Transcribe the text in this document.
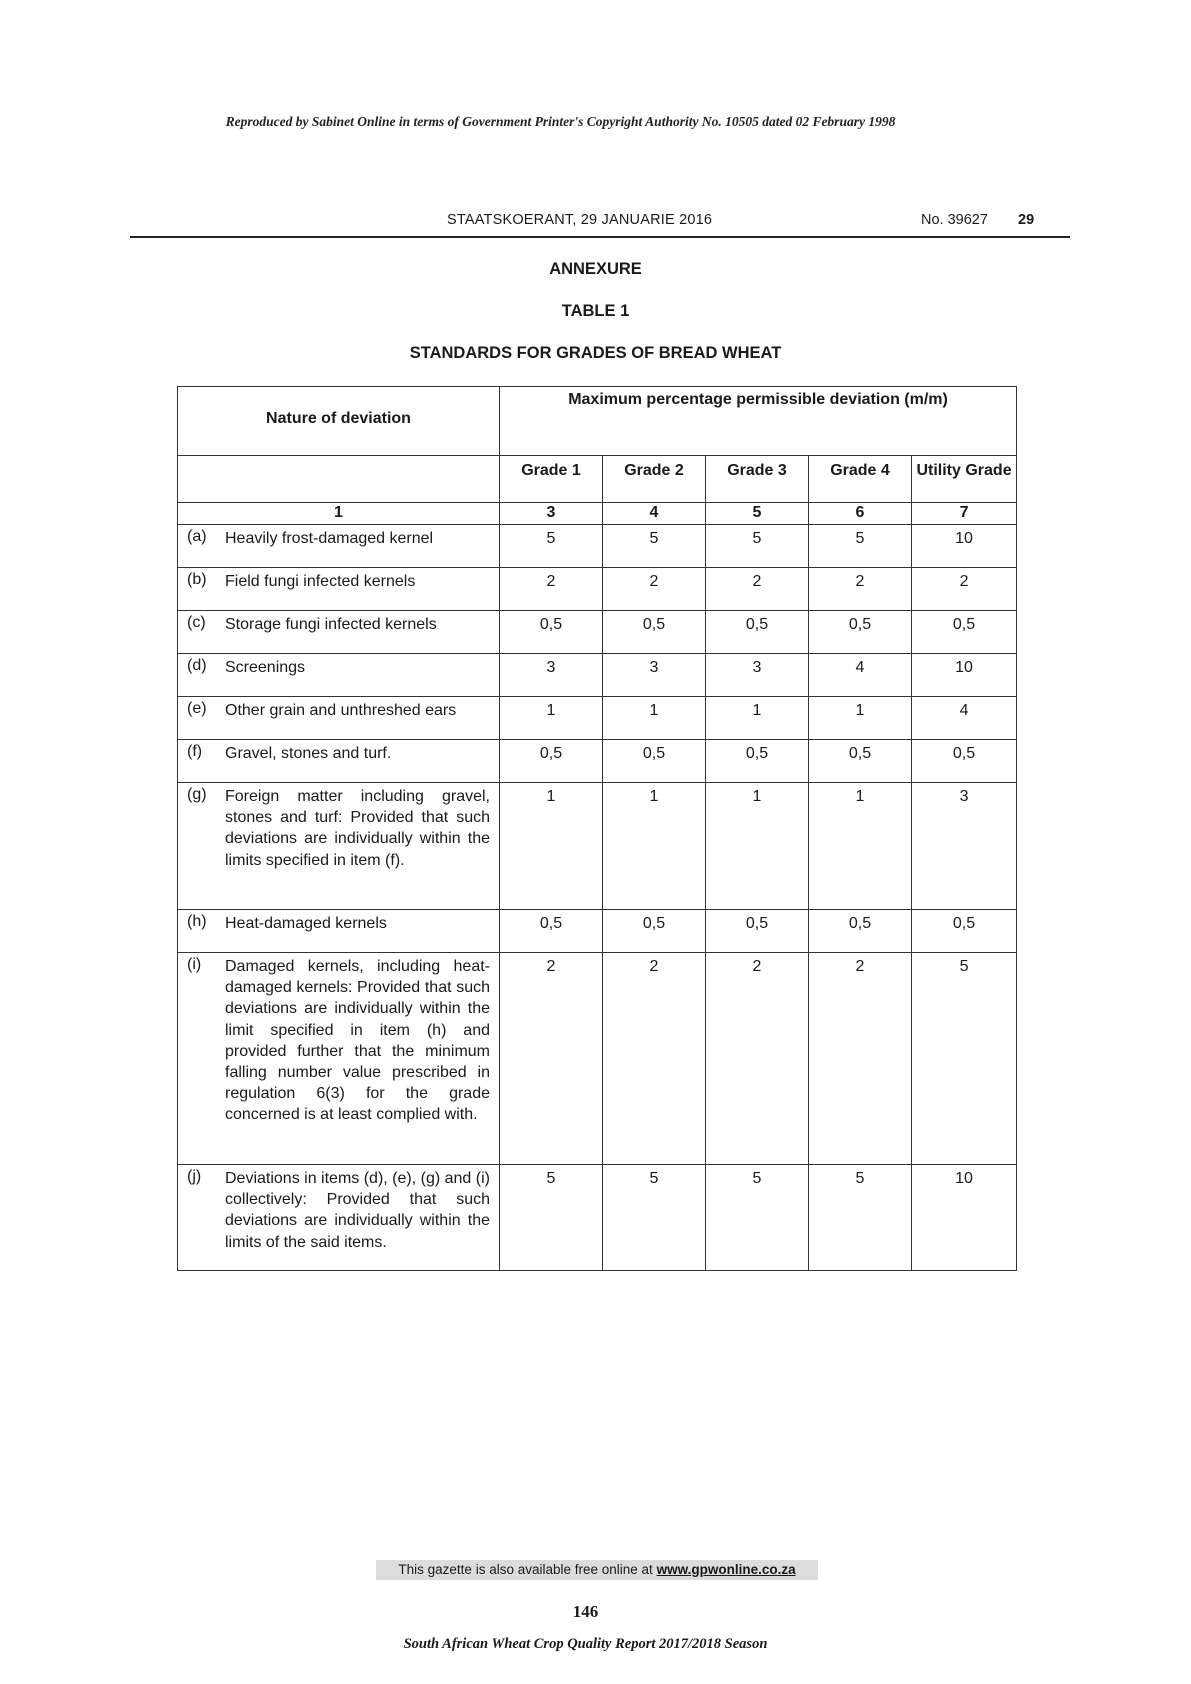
Reproduced by Sabinet Online in terms of Government Printer's Copyright Authority No. 10505 dated 02 February 1998
STAATSKOERANT, 29 JANUARIE 2016	No. 39627 29
ANNEXURE
TABLE 1
STANDARDS FOR GRADES OF BREAD WHEAT
Nature of deviation	Maximum percentage permissible deviation (m/m)				
	Grade 1	Grade 2	Grade 3	Grade 4	Utility Grade
1	3	4	5	6	7

(a) Heavily frost-damaged kernel	5	5	5	5	10

(b) Field fungi infected kernels	2	2	2	2	2

(c) Storage fungi infected kernels	0,5	0,5	0,5	0,5	0,5

(d) Screenings	3	3	3	4	10

(e) Other grain and unthreshed ears	1	1	1	1	4

(f) Gravel, stones and turf.	0,5	0,5	0,5	0,5	0,5

(g) Foreign matter including gravel, stones and turf: Provided that such deviations are individually within the limits specified in item (f).	1	1	1	1	3

(h) Heat-damaged kernels	0,5	0,5	0,5	0,5	0,5

(i) Damaged kernels, including heat-damaged kernels: Provided that such deviations are individually within the limit specified in item (h) and provided further that the minimum falling number value prescribed in regulation 6(3) for the grade concerned is at least complied with.	2	2	2	2	5

(j) Deviations in items (d), (e), (g) and (i) collectively: Provided that such deviations are individually within the limits of the said items.	5	5	5	5	10
This gazette is also available free online at www.gpwonline.co.za
146
South African Wheat Crop Quality Report 2017/2018 Season
